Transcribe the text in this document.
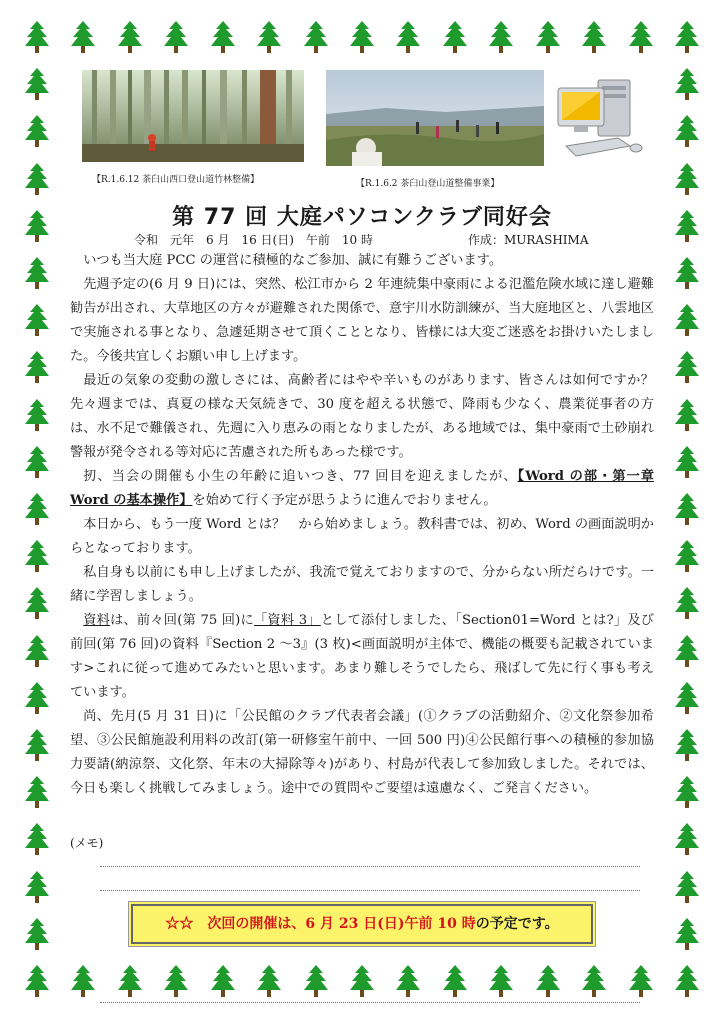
【R.1.6.12 茶臼山西口登山道竹林整備】	【R.1.6.2 茶臼山登山道整備事業】
第 77 回 大庭パソコンクラブ同好会
令和　元年　6 月　16 日(日)　午前　10 時	作成：MURASHIMA

いつも当大庭 PCC の運営に積極的なご参加、誠に有難うございます。

先週予定の(6 月 9 日)には、突然、松江市から 2 年連続集中豪雨による氾濫危険水域に達し避難勧告が出され、大草地区の方々が避難された関係で、意宇川水防訓練が、当大庭地区と、八雲地区で実施される事となり、急遽延期させて頂くこととなり、皆様には大変ご迷惑をお掛けいたしました。今後共宜しくお願い申し上げます。

最近の気象の変動の激しさには、高齢者にはやや辛いものがあります、皆さんは如何ですか？　先々週までは、真夏の様な天気続きで、30 度を超える状態で、降雨も少なく、農業従事者の方は、水不足で難儀され、先週に入り恵みの雨となりましたが、ある地域では、集中豪雨で土砂崩れ警報が発令される等対応に苦慮された所もあった様です。

扨、当会の開催も小生の年齢に追いつき、77 回目を迎えましたが、【Word の部・第一章 Word の基本操作】を始めて行く予定が思うように進んでおりません。

本日から、もう一度 Word とは？　から始めましょう。教科書では、初め、Word の画面説明からとなっております。

私自身も以前にも申し上げましたが、我流で覚えておりますので、分からない所だらけです。一緒に学習しましょう。

資料は、前々回(第 75 回)に「資料 3」として添付しました、「Section01=Word とは?」及び前回(第 76 回)の資料『Section 2 ～3』(3 枚)<画面説明が主体で、機能の概要も記載されています>これに従って進めてみたいと思います。あまり難しそうでしたら、飛ばして先に行く事も考えています。

尚、先月(5 月 31 日)に「公民館のクラブ代表者会議」(①クラブの活動紹介、②文化祭参加希望、③公民館施設利用料の改訂(第一研修室午前中、一回 500 円)④公民館行事への積極的参加協力要請(納涼祭、文化祭、年末の大掃除等々)があり、村島が代表して参加致しました。それでは、今日も楽しく挑戦してみましょう。途中での質問やご要望は遠慮なく、ご発言ください。

(メモ)
☆☆　次回の開催は、6 月 23 日(日)午前 10 時の予定です。
